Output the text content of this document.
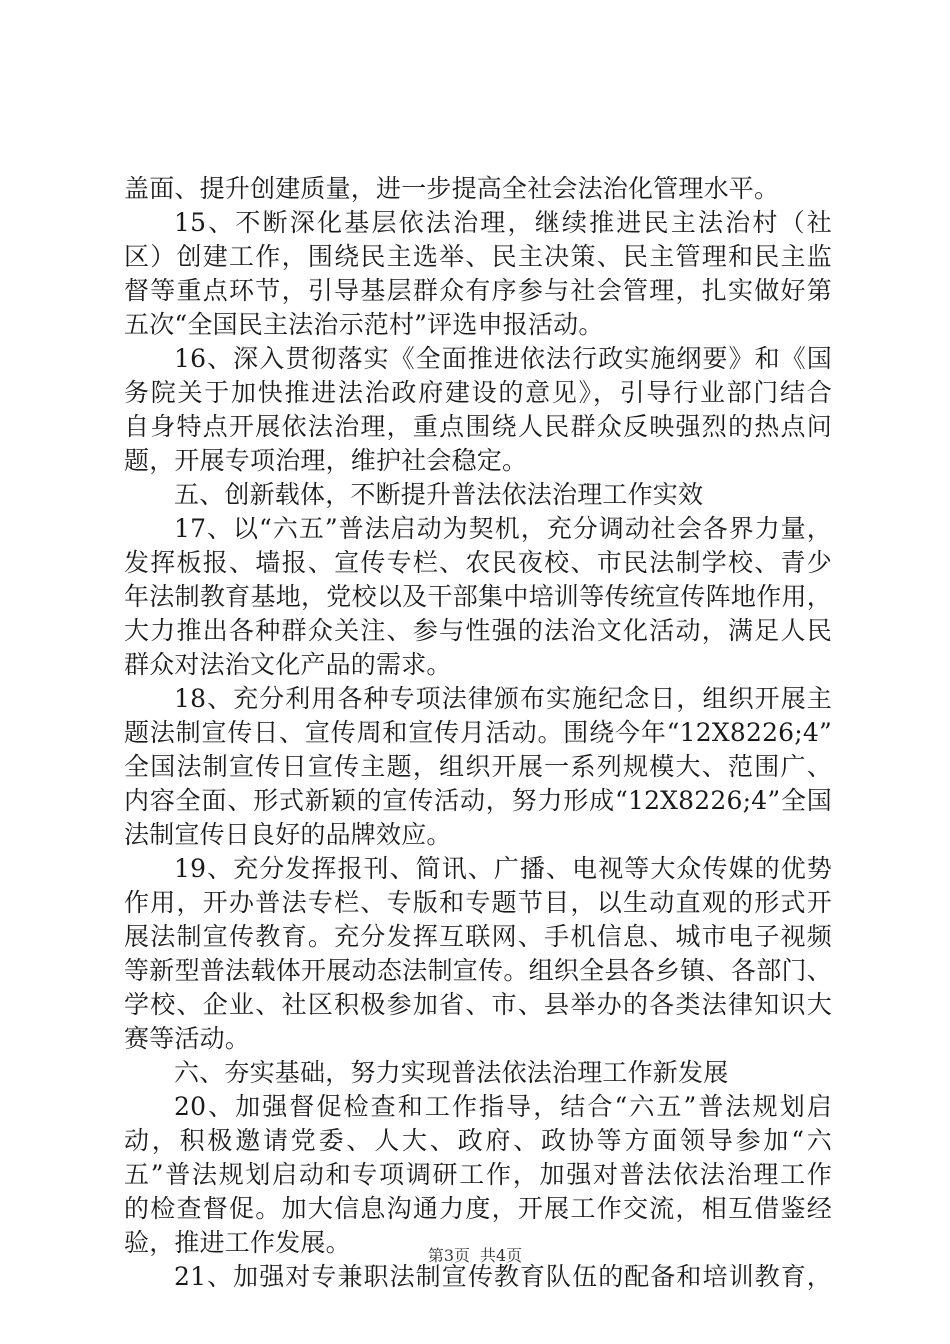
盖面、提升创建质量，进一步提高全社会法治化管理水平。
15、不断深化基层依法治理，继续推进民主法治村（社
区）创建工作，围绕民主选举、民主决策、民主管理和民主监
督等重点环节，引导基层群众有序参与社会管理，扎实做好第
五次“全国民主法治示范村”评选申报活动。
16、深入贯彻落实《全面推进依法行政实施纲要》和《国
务院关于加快推进法治政府建设的意见》，引导行业部门结合
自身特点开展依法治理，重点围绕人民群众反映强烈的热点问
题，开展专项治理，维护社会稳定。
五、创新载体，不断提升普法依法治理工作实效
17、以“六五”普法启动为契机，充分调动社会各界力量，
发挥板报、墙报、宣传专栏、农民夜校、市民法制学校、青少
年法制教育基地，党校以及干部集中培训等传统宣传阵地作用，
大力推出各种群众关注、参与性强的法治文化活动，满足人民
群众对法治文化产品的需求。
18、充分利用各种专项法律颁布实施纪念日，组织开展主
题法制宣传日、宣传周和宣传月活动。围绕今年“12X8226;4”
全国法制宣传日宣传主题，组织开展一系列规模大、范围广、
内容全面、形式新颖的宣传活动，努力形成“12X8226;4”全国
法制宣传日良好的品牌效应。
19、充分发挥报刊、简讯、广播、电视等大众传媒的优势
作用，开办普法专栏、专版和专题节目，以生动直观的形式开
展法制宣传教育。充分发挥互联网、手机信息、城市电子视频
等新型普法载体开展动态法制宣传。组织全县各乡镇、各部门、
学校、企业、社区积极参加省、市、县举办的各类法律知识大
赛等活动。
六、夯实基础，努力实现普法依法治理工作新发展
20、加强督促检查和工作指导，结合“六五”普法规划启
动，积极邀请党委、人大、政府、政协等方面领导参加“六
五”普法规划启动和专项调研工作，加强对普法依法治理工作
的检查督促。加大信息沟通力度，开展工作交流，相互借鉴经
验，推进工作发展。
21、加强对专兼职法制宣传教育队伍的配备和培训教育，
第3页 共4页
